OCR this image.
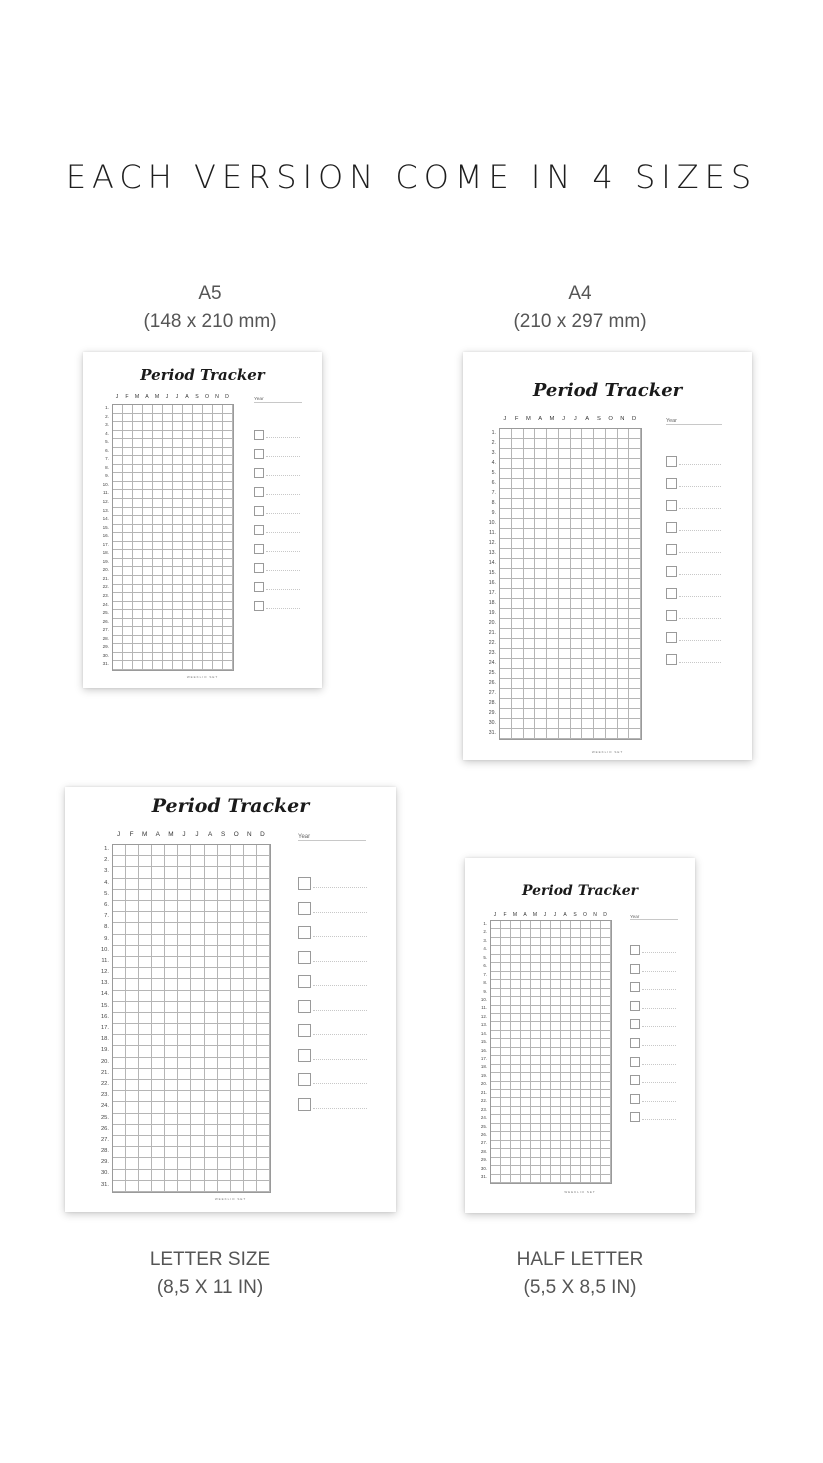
EACH VERSION COME IN 4 SIZES
A5
(148 x 210 mm)
A4
(210 x 297 mm)
LETTER SIZE
(8,5 X 11 IN)
HALF LETTER
(5,5 X 8,5 IN)
Period Tracker
J	F	M	A	M	J	J	A	S	O	N	D
1.
2.
3.
4.
5.
6.
7.
8.
9.
10.
11.
12.
13.
14.
15.
16.
17.
18.
19.
20.
21.
22.
23.
24.
25.
26.
27.
28.
29.
30.
31.
Year
WEEKLIO SET
Period Tracker
J	F	M	A	M	J	J	A	S	O	N	D
1.
2.
3.
4.
5.
6.
7.
8.
9.
10.
11.
12.
13.
14.
15.
16.
17.
18.
19.
20.
21.
22.
23.
24.
25.
26.
27.
28.
29.
30.
31.
Year
WEEKLIO SET
Period Tracker
J	F	M	A	M	J	J	A	S	O	N	D
1.
2.
3.
4.
5.
6.
7.
8.
9.
10.
11.
12.
13.
14.
15.
16.
17.
18.
19.
20.
21.
22.
23.
24.
25.
26.
27.
28.
29.
30.
31.
Year
WEEKLIO SET
Period Tracker
J	F	M	A	M	J	J	A	S	O	N	D
1.
2.
3.
4.
5.
6.
7.
8.
9.
10.
11.
12.
13.
14.
15.
16.
17.
18.
19.
20.
21.
22.
23.
24.
25.
26.
27.
28.
29.
30.
31.
Year
WEEKLIO SET
